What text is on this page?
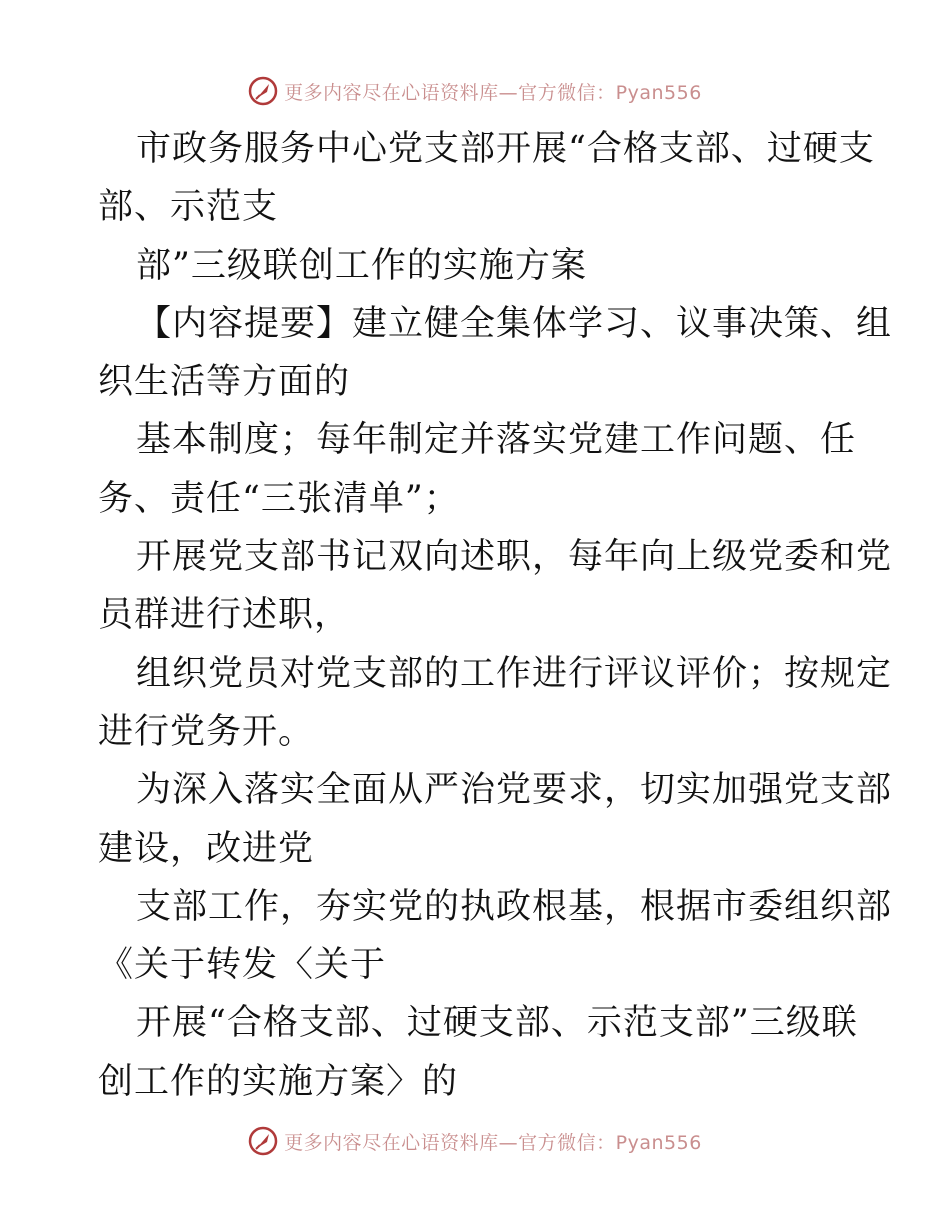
更多内容尽在心语资料库—官方微信：Pyan556
市政务服务中心党支部开展“合格支部、过硬支
部、示范支
部”三级联创工作的实施方案
【内容提要】建立健全集体学习、议事决策、组
织生活等方面的
基本制度；每年制定并落实党建工作问题、任
务、责任“三张清单”；
开展党支部书记双向述职，每年向上级党委和党
员群进行述职，
组织党员对党支部的工作进行评议评价；按规定
进行党务开。
为深入落实全面从严治党要求，切实加强党支部
建设，改进党
支部工作，夯实党的执政根基，根据市委组织部
《关于转发〈关于
开展“合格支部、过硬支部、示范支部”三级联
创工作的实施方案〉的
更多内容尽在心语资料库—官方微信：Pyan556
